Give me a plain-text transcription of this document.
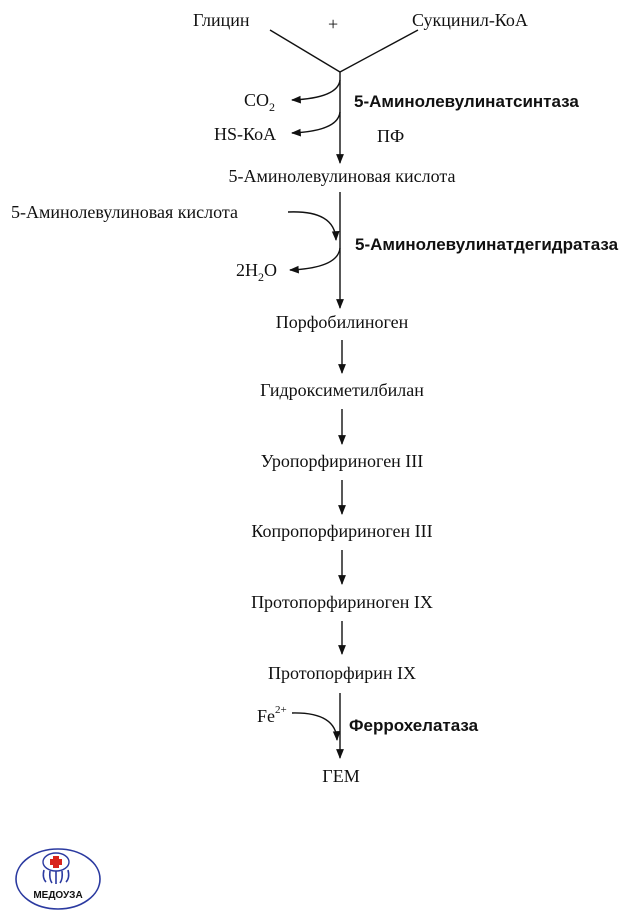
Глицин	+	Сукцинил-КоА
$CO_2$
HS-КоА
5-Аминолевулинатсинтаза
ПФ
5-Аминолевулиновая кислота
5-Аминолевулиновая кислота
$2H_2O$
5-Аминолевулинатдегидратаза
Порфобилиноген
Гидроксиметилбилан
Уропорфириноген III
Копропорфириноген III
Протопорфириноген IX
Протопорфирин IX
$Fe^{2+}$
Феррохелатаза
ГЕМ
МЕДОУЗА
